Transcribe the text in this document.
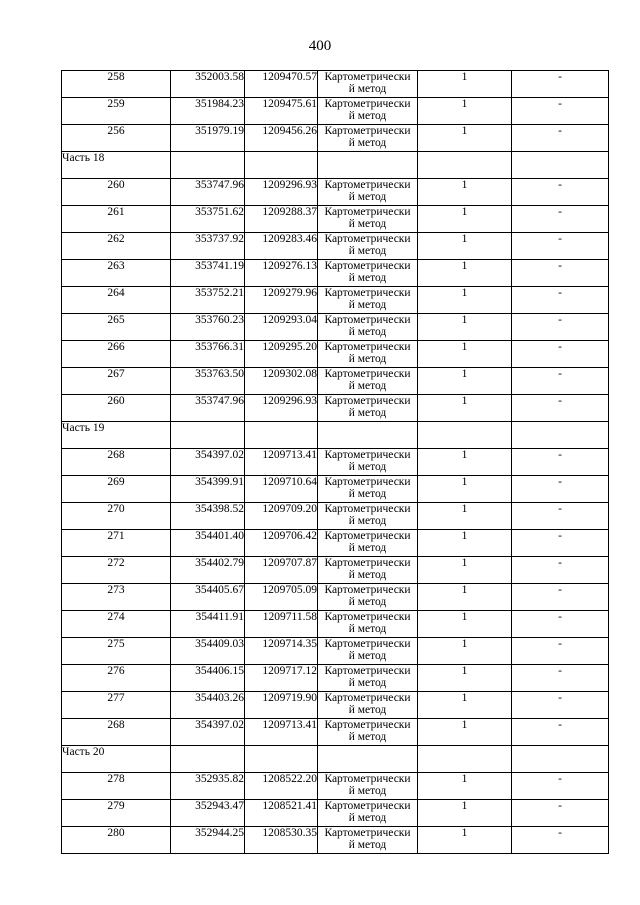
400
258	352003.58	1209470.57	Картометрически
й метод	1	-
259	351984.23	1209475.61	Картометрически
й метод	1	-
256	351979.19	1209456.26	Картометрически
й метод	1	-
Часть 18					
260	353747.96	1209296.93	Картометрически
й метод	1	-
261	353751.62	1209288.37	Картометрически
й метод	1	-
262	353737.92	1209283.46	Картометрически
й метод	1	-
263	353741.19	1209276.13	Картометрически
й метод	1	-
264	353752.21	1209279.96	Картометрически
й метод	1	-
265	353760.23	1209293.04	Картометрически
й метод	1	-
266	353766.31	1209295.20	Картометрически
й метод	1	-
267	353763.50	1209302.08	Картометрически
й метод	1	-
260	353747.96	1209296.93	Картометрически
й метод	1	-
Часть 19					
268	354397.02	1209713.41	Картометрически
й метод	1	-
269	354399.91	1209710.64	Картометрически
й метод	1	-
270	354398.52	1209709.20	Картометрически
й метод	1	-
271	354401.40	1209706.42	Картометрически
й метод	1	-
272	354402.79	1209707.87	Картометрически
й метод	1	-
273	354405.67	1209705.09	Картометрически
й метод	1	-
274	354411.91	1209711.58	Картометрически
й метод	1	-
275	354409.03	1209714.35	Картометрически
й метод	1	-
276	354406.15	1209717.12	Картометрически
й метод	1	-
277	354403.26	1209719.90	Картометрически
й метод	1	-
268	354397.02	1209713.41	Картометрически
й метод	1	-
Часть 20					
278	352935.82	1208522.20	Картометрически
й метод	1	-
279	352943.47	1208521.41	Картометрически
й метод	1	-
280	352944.25	1208530.35	Картометрически
й метод	1	-
